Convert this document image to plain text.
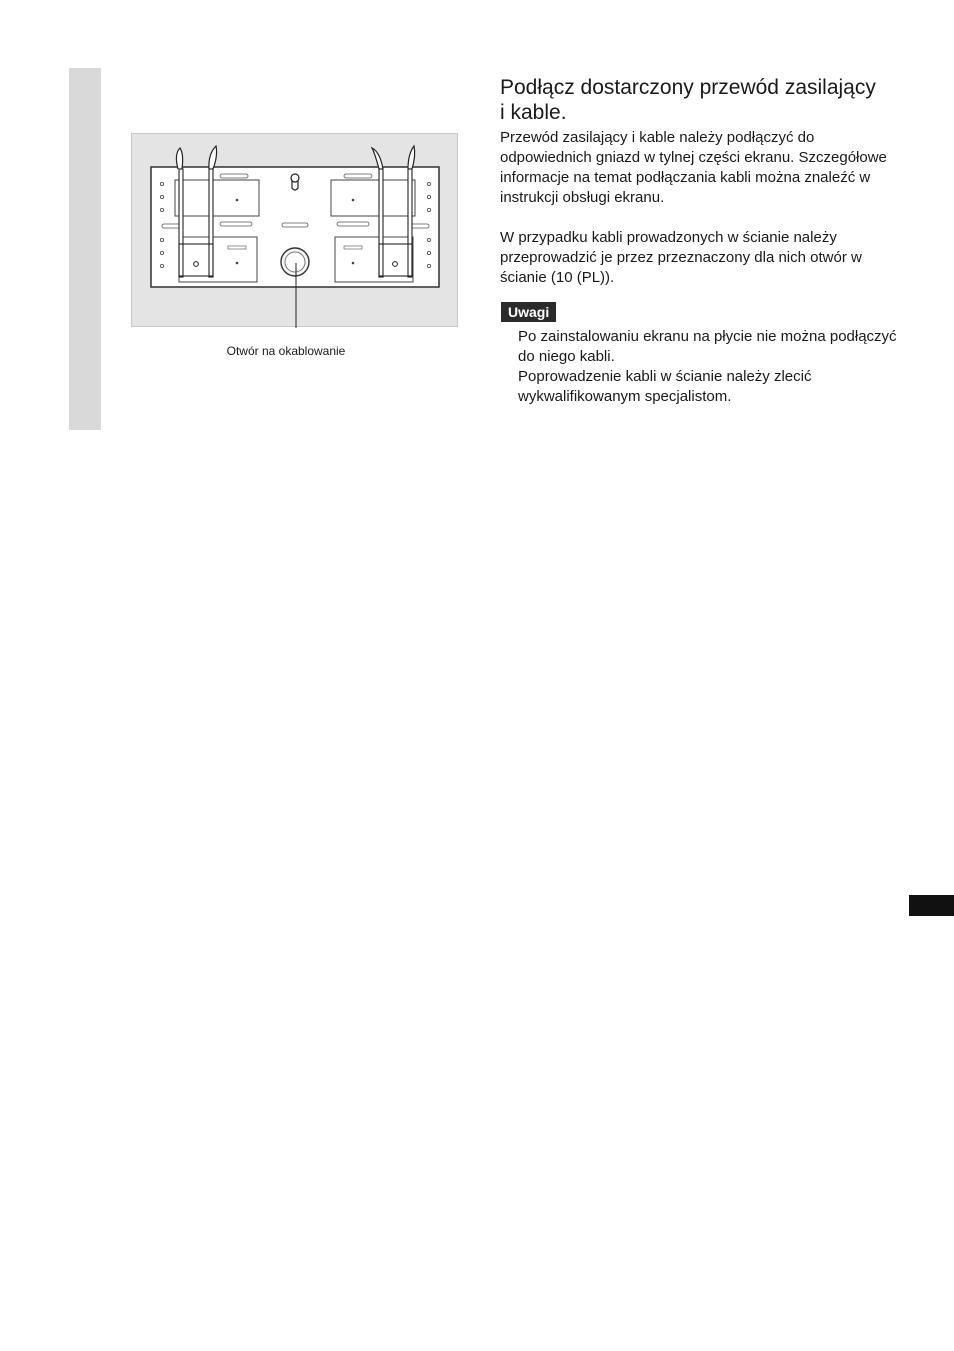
Otwór na okablowanie
Podłącz dostarczony przewód zasilający i kable.

Przewód zasilający i kable należy podłączyć do odpowiednich gniazd w tylnej części ekranu. Szczegółowe informacje na temat podłączania kabli można znaleźć w instrukcji obsługi ekranu.

W przypadku kabli prowadzonych w ścianie należy przeprowadzić je przez przeznaczony dla nich otwór w ścianie (10 (PL)).

Uwagi
Po zainstalowaniu ekranu na płycie nie można podłączyć do niego kabli.
Poprowadzenie kabli w ścianie należy zlecić wykwalifikowanym specjalistom.
